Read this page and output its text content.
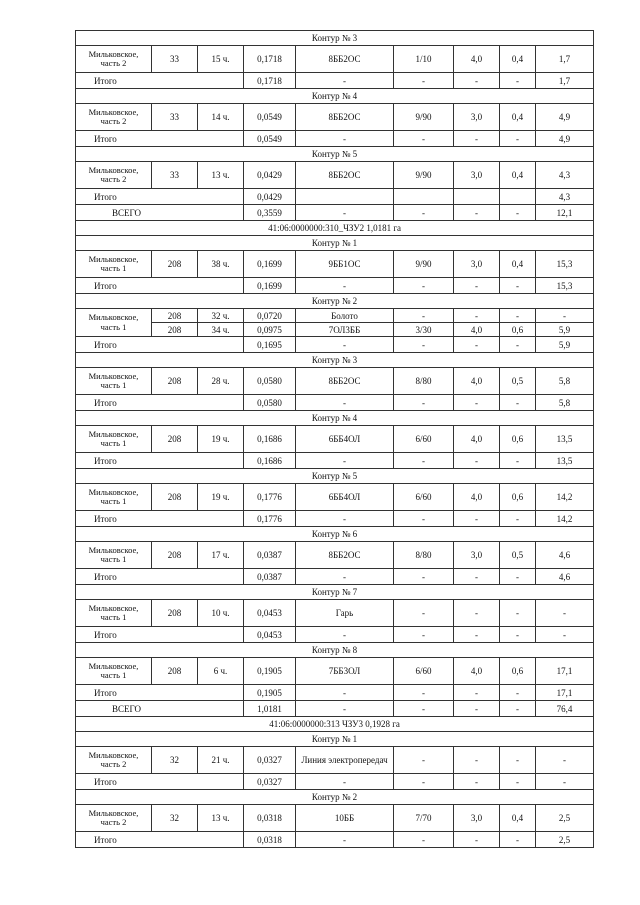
Контур № 3								
Мильковское, часть 2	33	15 ч.	0,1718	8ББ2ОС	1/10	4,0	0,4	1,7
Итого			0,1718	-	-	-	-	1,7
Контур № 4								
Мильковское, часть 2	33	14 ч.	0,0549	8ББ2ОС	9/90	3,0	0,4	4,9
Итого			0,0549	-	-	-	-	4,9
Контур № 5								
Мильковское, часть 2	33	13 ч.	0,0429	8ББ2ОС	9/90	3,0	0,4	4,3
Итого			0,0429					4,3
ВСЕГО			0,3559	-	-	-	-	12,1
41:06:0000000:310_ЧЗУ2 1,0181 га								
Контур № 1								
Мильковское, часть 1	208	38 ч.	0,1699	9ББ1ОС	9/90	3,0	0,4	15,3
Итого			0,1699	-	-	-	-	15,3
Контур № 2								
Мильковское, часть 1	208	32 ч.	0,0720	Болото	-	-	-	-
	208	34 ч.	0,0975	7ОЛ3ББ	3/30	4,0	0,6	5,9
Итого			0,1695	-	-	-	-	5,9
Контур № 3								
Мильковское, часть 1	208	28 ч.	0,0580	8ББ2ОС	8/80	4,0	0,5	5,8
Итого			0,0580	-	-	-	-	5,8
Контур № 4								
Мильковское, часть 1	208	19 ч.	0,1686	6ББ4ОЛ	6/60	4,0	0,6	13,5
Итого			0,1686	-	-	-	-	13,5
Контур № 5								
Мильковское, часть 1	208	19 ч.	0,1776	6ББ4ОЛ	6/60	4,0	0,6	14,2
Итого			0,1776	-	-	-	-	14,2
Контур № 6								
Мильковское, часть 1	208	17 ч.	0,0387	8ББ2ОС	8/80	3,0	0,5	4,6
Итого			0,0387	-	-	-	-	4,6
Контур № 7								
Мильковское, часть 1	208	10 ч.	0,0453	Гарь	-	-	-	-
Итого			0,0453	-	-	-	-	-
Контур № 8								
Мильковское, часть 1	208	6 ч.	0,1905	7ББ3ОЛ	6/60	4,0	0,6	17,1
Итого			0,1905	-	-	-	-	17,1
ВСЕГО			1,0181	-	-	-	-	76,4
41:06:0000000:313 ЧЗУ3 0,1928 га								
Контур № 1								
Мильковское, часть 2	32	21 ч.	0,0327	Линия электропередач	-	-	-	-
Итого			0,0327	-	-	-	-	-
Контур № 2								
Мильковское, часть 2	32	13 ч.	0,0318	10ББ	7/70	3,0	0,4	2,5
Итого			0,0318	-	-	-	-	2,5
